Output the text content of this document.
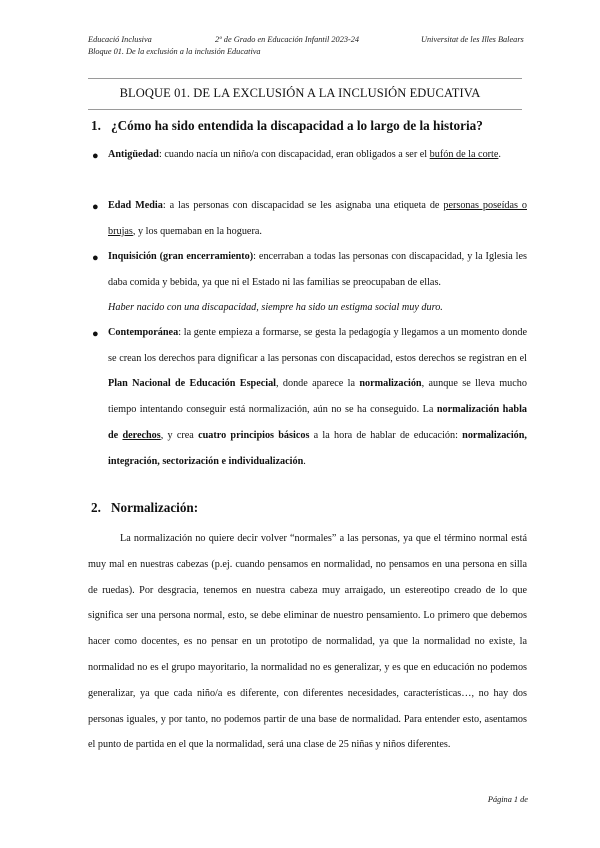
Educació Inclusiva	2º de Grado en Educación Infantil 2023-24	Universitat de les Illes Balears
Bloque 01. De la exclusión a la inclusión Educativa
BLOQUE 01. DE LA EXCLUSIÓN A LA INCLUSIÓN EDUCATIVA
1. ¿Cómo ha sido entendida la discapacidad a lo largo de la historia?
● Antigüedad: cuando nacía un niño/a con discapacidad, eran obligados a ser el bufón de la corte.
● Edad Media: a las personas con discapacidad se les asignaba una etiqueta de personas poseídas o brujas, y los quemaban en la hoguera.
● Inquisición (gran encerramiento): encerraban a todas las personas con discapacidad, y la Iglesia les daba comida y bebida, ya que ni el Estado ni las familias se preocupaban de ellas.
Haber nacido con una discapacidad, siempre ha sido un estigma social muy duro.
● Contemporánea: la gente empieza a formarse, se gesta la pedagogía y llegamos a un momento donde se crean los derechos para dignificar a las personas con discapacidad, estos derechos se registran en el Plan Nacional de Educación Especial, donde aparece la normalización, aunque se lleva mucho tiempo intentando conseguir está normalización, aún no se ha conseguido. La normalización habla de derechos, y crea cuatro principios básicos a la hora de hablar de educación: normalización, integración, sectorización e individualización.
2. Normalización:
La normalización no quiere decir volver “normales” a las personas, ya que el término normal está muy mal en nuestras cabezas (p.ej. cuando pensamos en normalidad, no pensamos en una persona en silla de ruedas). Por desgracia, tenemos en nuestra cabeza muy arraigado, un estereotipo creado de lo que significa ser una persona normal, esto, se debe eliminar de nuestro pensamiento. Lo primero que debemos hacer como docentes, es no pensar en un prototipo de normalidad, ya que la normalidad no existe, la normalidad no es el grupo mayoritario, la normalidad no es generalizar, y es que en educación no podemos generalizar, ya que cada niño/a es diferente, con diferentes necesidades, características…, no hay dos personas iguales, y por tanto, no podemos partir de una base de normalidad. Para entender esto, asentamos el punto de partida en el que la normalidad, será una clase de 25 niñas y niños diferentes.
Página 1 de
